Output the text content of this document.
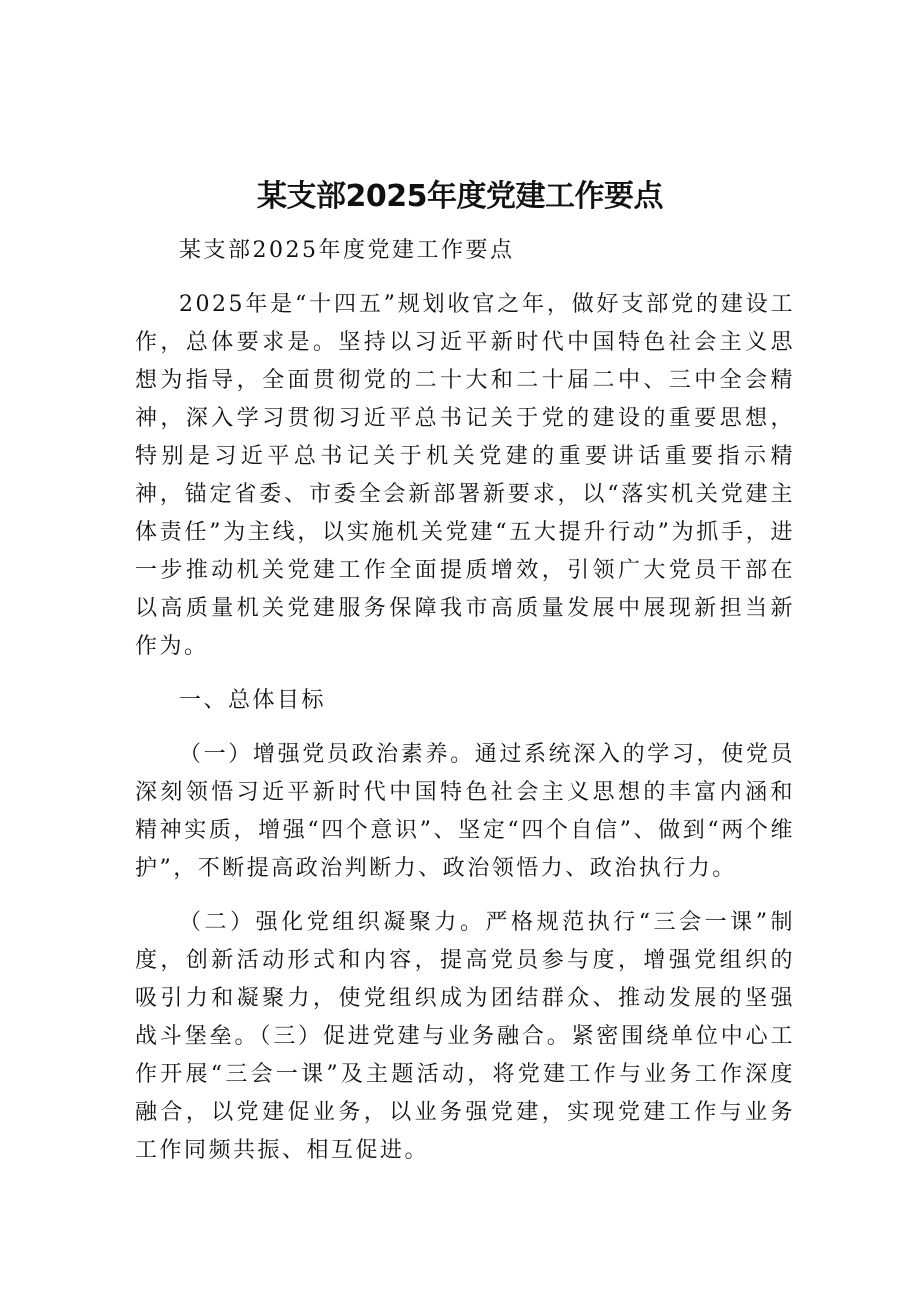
某支部2025年度党建工作要点

某支部2025年度党建工作要点

2025年是“十四五”规划收官之年，做好支部党的建设工作，总体要求是。坚持以习近平新时代中国特色社会主义思想为指导，全面贯彻党的二十大和二十届二中、三中全会精神，深入学习贯彻习近平总书记关于党的建设的重要思想，特别是习近平总书记关于机关党建的重要讲话重要指示精神，锚定省委、市委全会新部署新要求，以“落实机关党建主体责任”为主线，以实施机关党建“五大提升行动”为抓手，进一步推动机关党建工作全面提质增效，引领广大党员干部在以高质量机关党建服务保障我市高质量发展中展现新担当新作为。

一、总体目标

（一）增强党员政治素养。通过系统深入的学习，使党员深刻领悟习近平新时代中国特色社会主义思想的丰富内涵和精神实质，增强“四个意识”、坚定“四个自信”、做到“两个维护”，不断提高政治判断力、政治领悟力、政治执行力。

（二）强化党组织凝聚力。严格规范执行“三会一课”制度，创新活动形式和内容，提高党员参与度，增强党组织的吸引力和凝聚力，使党组织成为团结群众、推动发展的坚强战斗堡垒。（三）促进党建与业务融合。紧密围绕单位中心工作开展“三会一课”及主题活动，将党建工作与业务工作深度融合，以党建促业务，以业务强党建，实现党建工作与业务工作同频共振、相互促进。
